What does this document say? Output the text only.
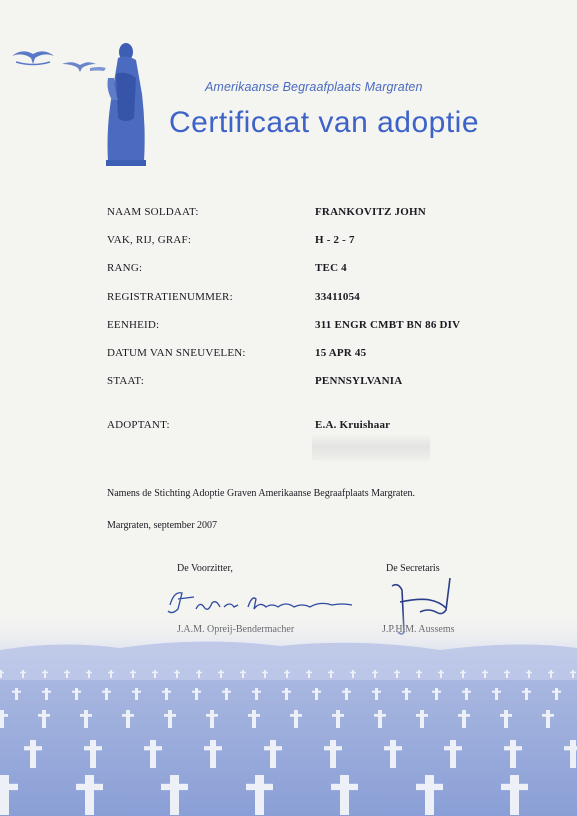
Amerikaanse Begraafplaats Margraten
Certificaat van adoptie
NAAM SOLDAAT:	FRANKOVITZ JOHN
VAK, RIJ, GRAF:	H - 2 - 7
RANG:	TEC 4
REGISTRATIENUMMER:	33411054
EENHEID:	311 ENGR CMBT BN 86 DIV
DATUM VAN SNEUVELEN:	15 APR 45
STAAT:	PENNSYLVANIA
ADOPTANT:	E.A. Kruishaar
Namens de Stichting Adoptie Graven Amerikaanse Begraafplaats Margraten.
Margraten, september 2007
De Voorzitter,	De Secretaris
